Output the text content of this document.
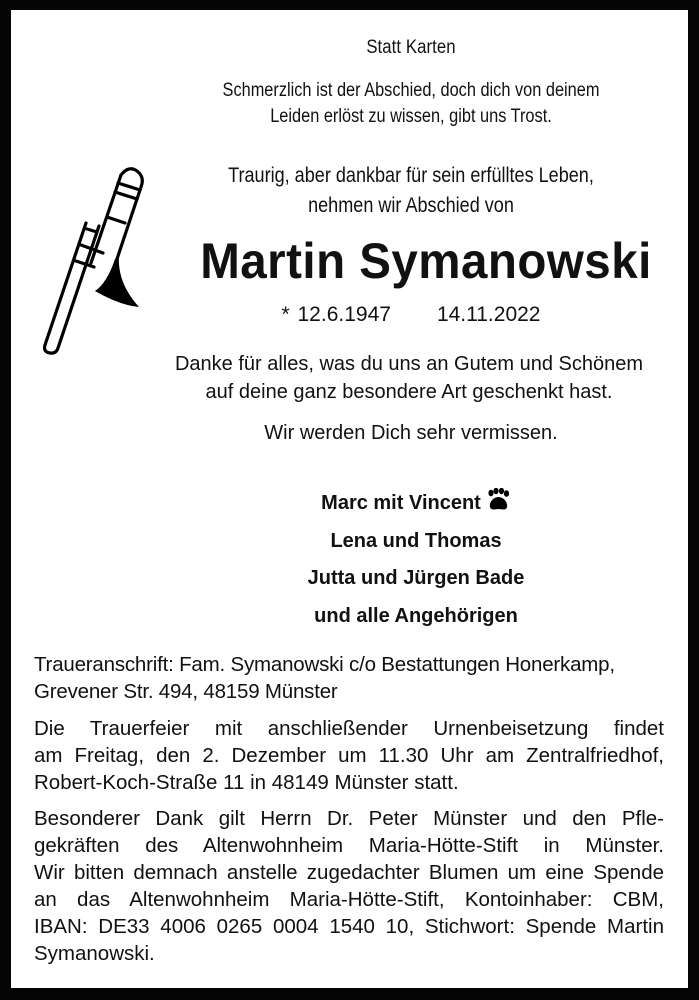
Statt Karten
Schmerzlich ist der Abschied, doch dich von deinem
Leiden erlöst zu wissen, gibt uns Trost.
Traurig, aber dankbar für sein erfülltes Leben,
nehmen wir Abschied von
Martin Symanowski
* 12.6.1947 14.11.2022
Danke für alles, was du uns an Gutem und Schönem
auf deine ganz besondere Art geschenkt hast.
Wir werden Dich sehr vermissen.
Marc mit Vincent
Lena und Thomas
Jutta und Jürgen Bade
und alle Angehörigen
Traueranschrift: Fam. Symanowski c/o Bestattungen Honerkamp,
Grevener Str. 494, 48159 Münster
Die Trauerfeier mit anschließender Urnenbeisetzung findet
am Freitag, den 2. Dezember um 11.30 Uhr am Zentralfriedhof,
Robert-Koch-Straße 11 in 48149 Münster statt.
Besonderer Dank gilt Herrn Dr. Peter Münster und den Pfle-
gekräften des Altenwohnheim Maria-Hötte-Stift in Münster.
Wir bitten demnach anstelle zugedachter Blumen um eine Spende
an das Altenwohnheim Maria-Hötte-Stift, Kontoinhaber: CBM,
IBAN: DE33 4006 0265 0004 1540 10, Stichwort: Spende Martin
Symanowski.
